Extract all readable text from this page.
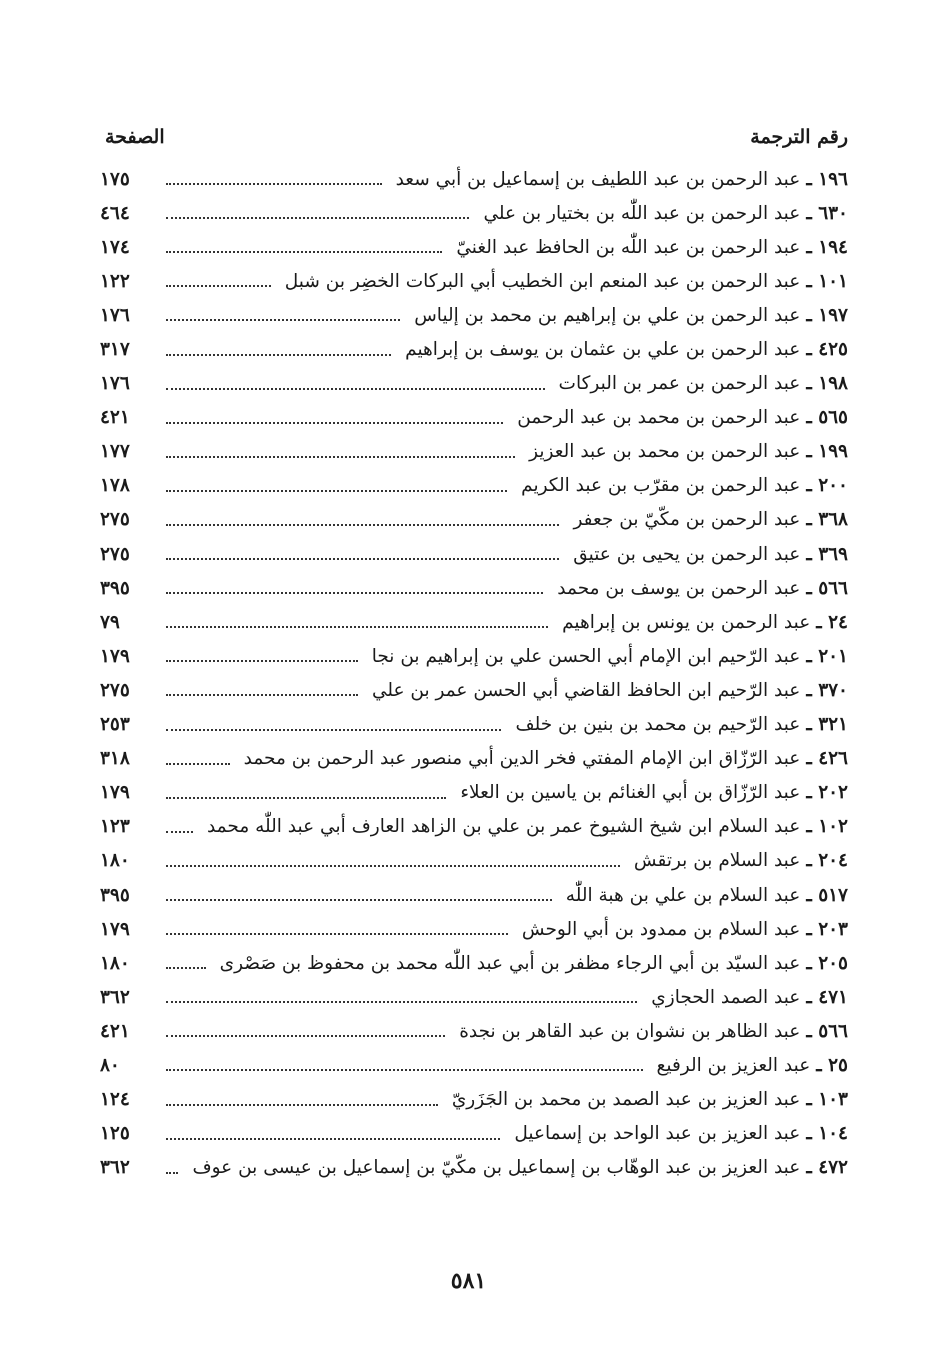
رقم الترجمة
الصفحة
١٩٦ ـ
عبد الرحمن بن عبد اللطيف بن إسماعيل بن أبي سعد
١٧٥
٦٣٠ ـ
عبد الرحمن بن عبد اللّٰه بن بختيار بن علي
٤٦٤
١٩٤ ـ
عبد الرحمن بن عبد اللّٰه بن الحافظ عبد الغنيّ
١٧٤
١٠١ ـ
عبد الرحمن بن عبد المنعم ابن الخطيب أبي البركات الخضِر بن شبل
١٢٢
١٩٧ ـ
عبد الرحمن بن علي بن إبراهيم بن محمد بن إلياس
١٧٦
٤٢٥ ـ
عبد الرحمن بن علي بن عثمان بن يوسف بن إبراهيم
٣١٧
١٩٨ ـ
عبد الرحمن بن عمر بن البركات
١٧٦
٥٦٥ ـ
عبد الرحمن بن محمد بن عبد الرحمن
٤٢١
١٩٩ ـ
عبد الرحمن بن محمد بن عبد العزيز
١٧٧
٢٠٠ ـ
عبد الرحمن بن مقرّب بن عبد الكريم
١٧٨
٣٦٨ ـ
عبد الرحمن بن مكّيّ بن جعفر
٢٧٥
٣٦٩ ـ
عبد الرحمن بن يحيى بن عتيق
٢٧٥
٥٦٦ ـ
عبد الرحمن بن يوسف بن محمد
٣٩٥
٢٤ ـ
عبد الرحمن بن يونس بن إبراهيم
٧٩
٢٠١ ـ
عبد الرّحيم ابن الإمام أبي الحسن علي بن إبراهيم بن نجا
١٧٩
٣٧٠ ـ
عبد الرّحيم ابن الحافظ القاضي أبي الحسن عمر بن علي
٢٧٥
٣٢١ ـ
عبد الرّحيم بن محمد بن بنين بن خلف
٢٥٣
٤٢٦ ـ
عبد الرّزّاق ابن الإمام المفتي فخر الدين أبي منصور عبد الرحمن بن محمد
٣١٨
٢٠٢ ـ
عبد الرّزّاق بن أبي الغنائم بن ياسين بن العلاء
١٧٩
١٠٢ ـ
عبد السلام ابن شيخ الشيوخ عمر بن علي بن الزاهد العارف أبي عبد اللّٰه محمد
١٢٣
٢٠٤ ـ
عبد السلام بن برتقش
١٨٠
٥١٧ ـ
عبد السلام بن علي بن هبة اللّٰه
٣٩٥
٢٠٣ ـ
عبد السلام بن ممدود بن أبي الوحش
١٧٩
٢٠٥ ـ
عبد السيّد بن أبي الرجاء مظفر بن أبي عبد اللّٰه محمد بن محفوظ بن صَصْرى
١٨٠
٤٧١ ـ
عبد الصمد الحجازي
٣٦٢
٥٦٦ ـ
عبد الظاهر بن نشوان بن عبد القاهر بن نجدة
٤٢١
٢٥ ـ
عبد العزيز بن الرفيع
٨٠
١٠٣ ـ
عبد العزيز بن عبد الصمد بن محمد بن الجَزَريّ
١٢٤
١٠٤ ـ
عبد العزيز بن عبد الواحد بن إسماعيل
١٢٥
٤٧٢ ـ
عبد العزيز بن عبد الوهّاب بن إسماعيل بن مكّيّ بن إسماعيل بن عيسى بن عوف
٣٦٢
٥٨١
